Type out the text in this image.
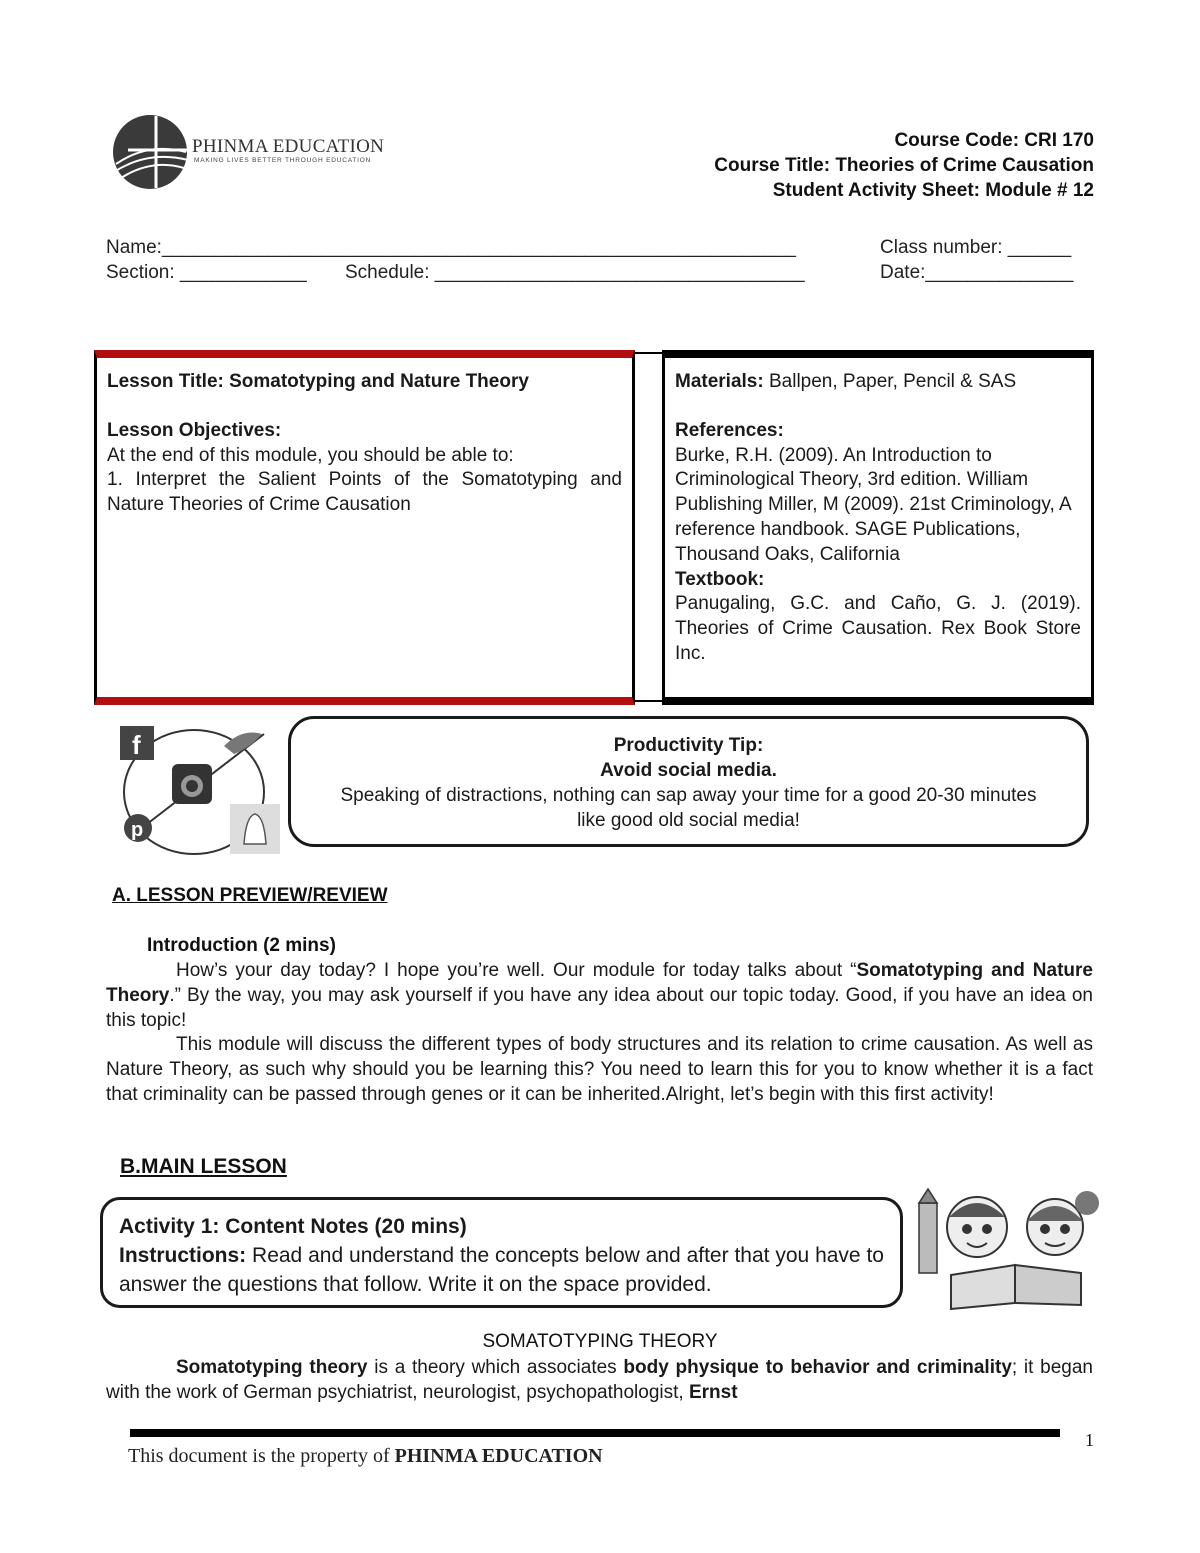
PHINMA EDUCATION
MAKING LIVES BETTER THROUGH EDUCATION
Course Code: CRI 170
Course Title: Theories of Crime Causation
Student Activity Sheet: Module # 12
Name:____________________________________________________________	Class number: ______
Section: ____________ Schedule: ___________________________________	Date:______________
Lesson Title: Somatotyping and Nature Theory
Lesson Objectives:
At the end of this module, you should be able to:
1. Interpret the Salient Points of the Somatotyping and Nature Theories of Crime Causation
Materials: Ballpen, Paper, Pencil & SAS
References:
Burke, R.H. (2009). An Introduction to Criminological Theory, 3rd edition. William Publishing Miller, M (2009). 21st Criminology, A reference handbook. SAGE Publications, Thousand Oaks, California
Textbook:
Panugaling, G.C. and Caño, G. J. (2019). Theories of Crime Causation. Rex Book Store Inc.
f
p
Productivity Tip:
Avoid social media.
Speaking of distractions, nothing can sap away your time for a good 20-30 minutes
like good old social media!
A. LESSON PREVIEW/REVIEW
Introduction (2 mins)
How’s your day today? I hope you’re well. Our module for today talks about “Somatotyping and Nature Theory.” By the way, you may ask yourself if you have any idea about our topic today. Good, if you have an idea on this topic!
This module will discuss the different types of body structures and its relation to crime causation. As well as Nature Theory, as such why should you be learning this? You need to learn this for you to know whether it is a fact that criminality can be passed through genes or it can be inherited.Alright, let’s begin with this first activity!
B.MAIN LESSON
Activity 1: Content Notes (20 mins)
Instructions: Read and understand the concepts below and after that you have to answer the questions that follow. Write it on the space provided.
SOMATOTYPING THEORY
Somatotyping theory is a theory which associates body physique to behavior and criminality; it began with the work of German psychiatrist, neurologist, psychopathologist, Ernst
1
This document is the property of PHINMA EDUCATION
